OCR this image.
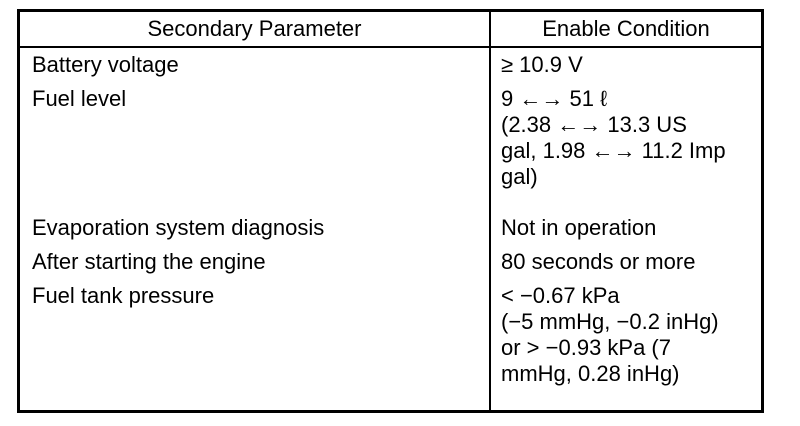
Secondary Parameter	Enable Condition
Battery voltage	≥ 10.9 V

Fuel level	9 ←→ 51 ℓ
(2.38 ←→ 13.3 US
gal, 1.98 ←→ 11.2 Imp
gal)

Evaporation system diagnosis	Not in operation

After starting the engine	80 seconds or more

Fuel tank pressure	< −0.67 kPa
(−5 mmHg, −0.2 inHg)
or > −0.93 kPa (7
mmHg, 0.28 inHg)
